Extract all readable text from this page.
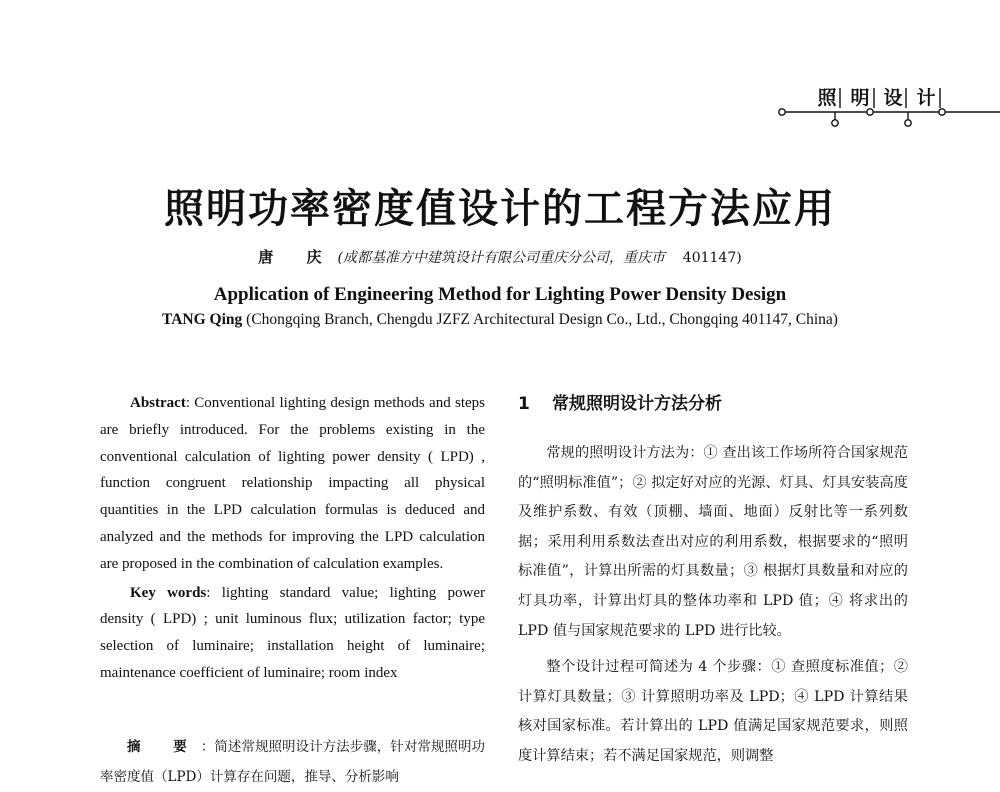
照 明 设 计
照明功率密度值设计的工程方法应用
唐 庆 (成都基准方中建筑设计有限公司重庆分公司，重庆市 401147)
Application of Engineering Method for Lighting Power Density Design
TANG Qing (Chongqing Branch, Chengdu JZFZ Architectural Design Co., Ltd., Chongqing 401147, China)

Abstract: Conventional lighting design methods and steps are briefly introduced. For the problems existing in the conventional calculation of lighting power density ( LPD) , function congruent relationship impacting all physical quantities in the LPD calculation formulas is deduced and analyzed and the methods for improving the LPD calculation are proposed in the combination of calculation examples.

Key words: lighting standard value; lighting power density ( LPD) ; unit luminous flux; utilization factor; type selection of luminaire; installation height of luminaire; maintenance coefficient of luminaire; room index

摘 要：简述常规照明设计方法步骤，针对常规照明功率密度值（LPD）计算存在问题，推导、分析影响
1 常规照明设计方法分析

常规的照明设计方法为：① 查出该工作场所符合国家规范的“照明标准值”；② 拟定好对应的光源、灯具、灯具安装高度及维护系数、有效（顶棚、墙面、地面）反射比等一系列数据；采用利用系数法查出对应的利用系数，根据要求的“照明标准值”，计算出所需的灯具数量；③ 根据灯具数量和对应的灯具功率，计算出灯具的整体功率和 LPD 值；④ 将求出的 LPD 值与国家规范要求的 LPD 进行比较。

整个设计过程可简述为 4 个步骤：① 查照度标准值；② 计算灯具数量；③ 计算照明功率及 LPD；④ LPD 计算结果核对国家标准。若计算出的 LPD 值满足国家规范要求，则照度计算结束；若不满足国家规范，则调整
